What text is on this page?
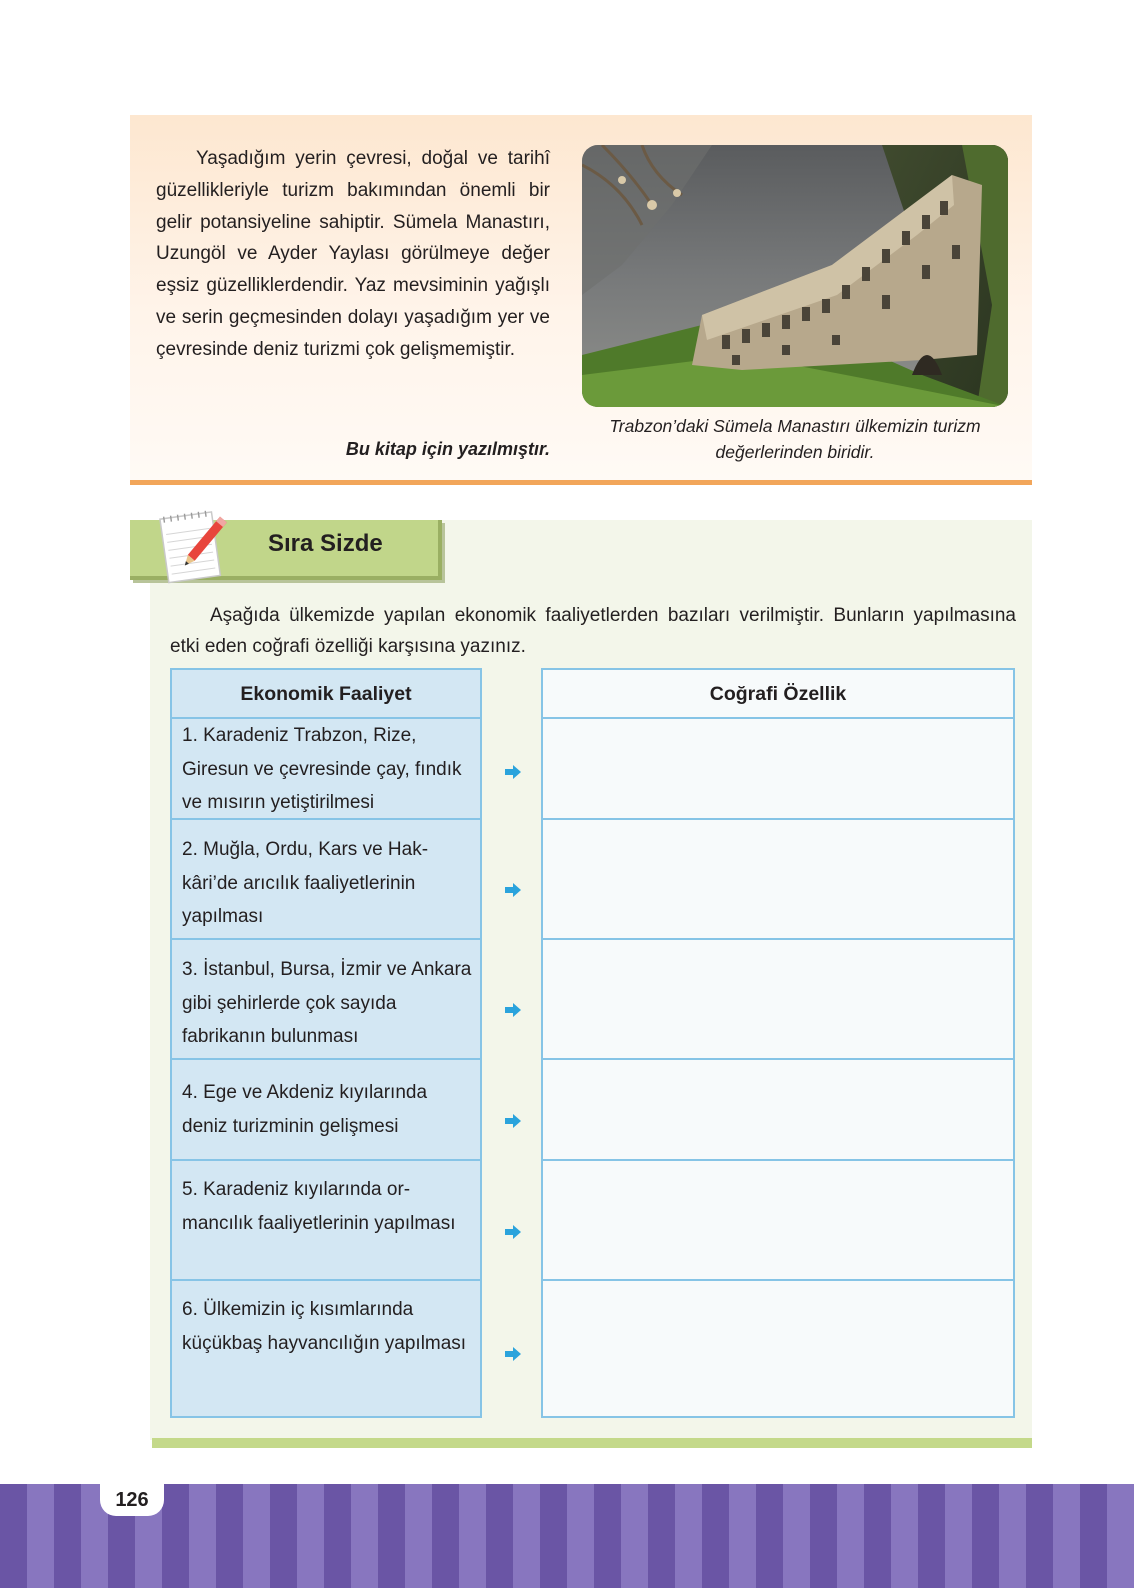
Yaşadığım yerin çevresi, doğal ve tarihî güzellikleriyle turizm bakımından önemli bir gelir potansiyeline sahiptir. Sümela Manastırı, Uzungöl ve Ayder Yaylası görülmeye değer eşsiz güzelliklerdendir. Yaz mevsiminin yağışlı ve serin geçmesinden dolayı yaşadığım yer ve çevresinde deniz turizmi çok gelişmemiştir.

Bu kitap için yazılmıştır.

Trabzon’daki Sümela Manastırı ülkemizin turizm değerlerinden biridir.

Sıra Sizde

Aşağıda ülkemizde yapılan ekonomik faaliyetlerden bazıları verilmiştir. Bunların yapılmasına etki eden coğrafi özelliği karşısına yazınız.

Ekonomik Faaliyet
1. Karadeniz Trabzon, Rize, Giresun ve çevresinde çay, fındık ve mısırın yetiştirilmesi
2. Muğla, Ordu, Kars ve Hakkâri’de arıcılık faaliyetlerinin yapılması
3. İstanbul, Bursa, İzmir ve Ankara gibi şehirlerde çok sayıda fabrikanın bulunması
4. Ege ve Akdeniz kıyılarında deniz turizminin gelişmesi
5. Karadeniz kıyılarında ormancılık faaliyetlerinin yapılması
6. Ülkemizin iç kısımlarında küçükbaş hayvancılığın yapılması
Coğrafi Özellik
126
